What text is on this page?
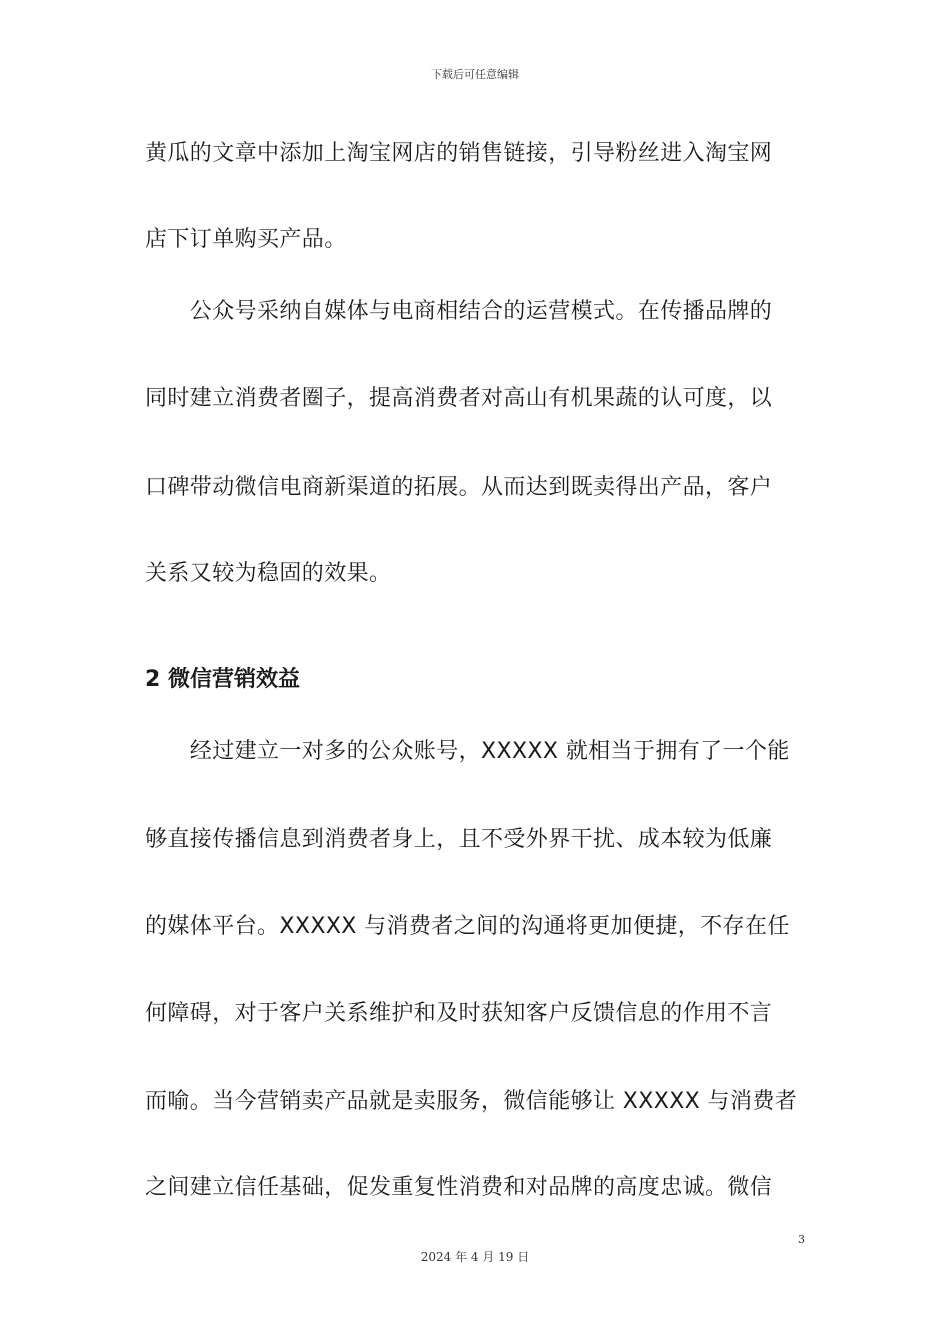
下载后可任意编辑
黄瓜的文章中添加上淘宝网店的销售链接，引导粉丝进入淘宝网
店下订单购买产品。
　　公众号采纳自媒体与电商相结合的运营模式。在传播品牌的
同时建立消费者圈子，提高消费者对高山有机果蔬的认可度，以
口碑带动微信电商新渠道的拓展。从而达到既卖得出产品，客户
关系又较为稳固的效果。
2 微信营销效益
　　经过建立一对多的公众账号，XXXXX 就相当于拥有了一个能
够直接传播信息到消费者身上，且不受外界干扰、成本较为低廉
的媒体平台。XXXXX 与消费者之间的沟通将更加便捷，不存在任
何障碍，对于客户关系维护和及时获知客户反馈信息的作用不言
而喻。当今营销卖产品就是卖服务，微信能够让 XXXXX 与消费者
之间建立信任基础，促发重复性消费和对品牌的高度忠诚。微信
3
2024 年 4 月 19 日
